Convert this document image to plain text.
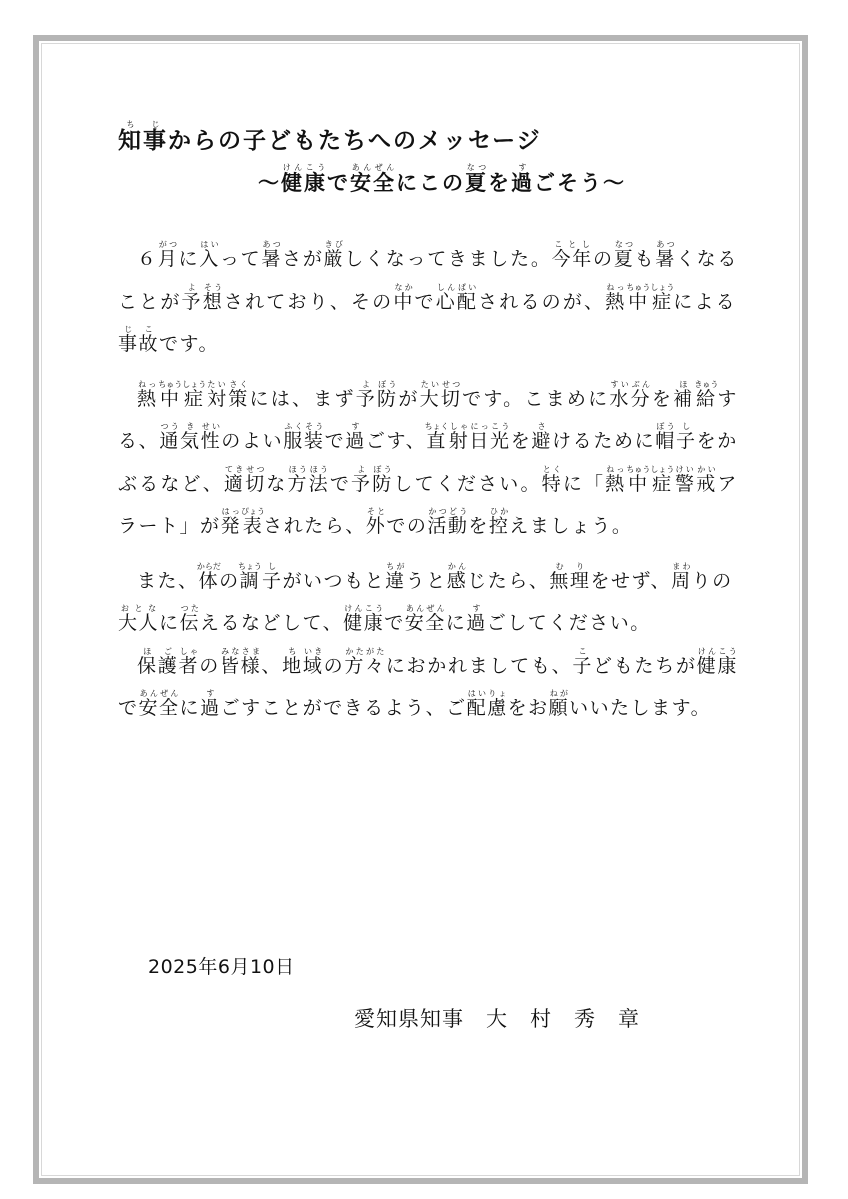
知ち事じからの子どもたちへのメッセージ
～健けん康こうで安あん全ぜんにこの夏なつを過すごそう～

６月がつに入はいって暑あつさが厳きびしくなってきました。今年ことしの夏なつも暑あつくなることが予よ想そうされており、その中なかで心しん配ぱいされるのが、熱ねっ中ちゅう症しょうによる事じ故こです。

熱ねっ中ちゅう症しょう対たい策さくには、まず予よ防ぼうが大たい切せつです。こまめに水すい分ぶんを補ほ給きゅうする、通つう気き性せいのよい服ふく装そうで過すごす、直ちょく射しゃ日にっ光こうを避さけるために帽ぼう子しをかぶるなど、適てき切せつな方ほう法ほうで予よ防ぼうしてください。特とくに「熱ねっ中ちゅう症しょう警けい戒かいアラート」が発はっ表ぴょうされたら、外そとでの活かつ動どうを控ひかえましょう。

また、体からだの調ちょう子しがいつもと違ちがうと感かんじたら、無む理りをせず、周まわりの大人おとなに伝つたえるなどして、健けん康こうで安あん全ぜんに過すごしてください。

保ほ護ご者しゃの皆みな様さま、地ち域いきの方々かたがたにおかれましても、子こどもたちが健けん康こうで安あん全ぜんに過すごすことができるよう、ご配はい慮りょをお願ねがいいたします。

2025年6月10日
愛知県知事　大　村　秀　章
